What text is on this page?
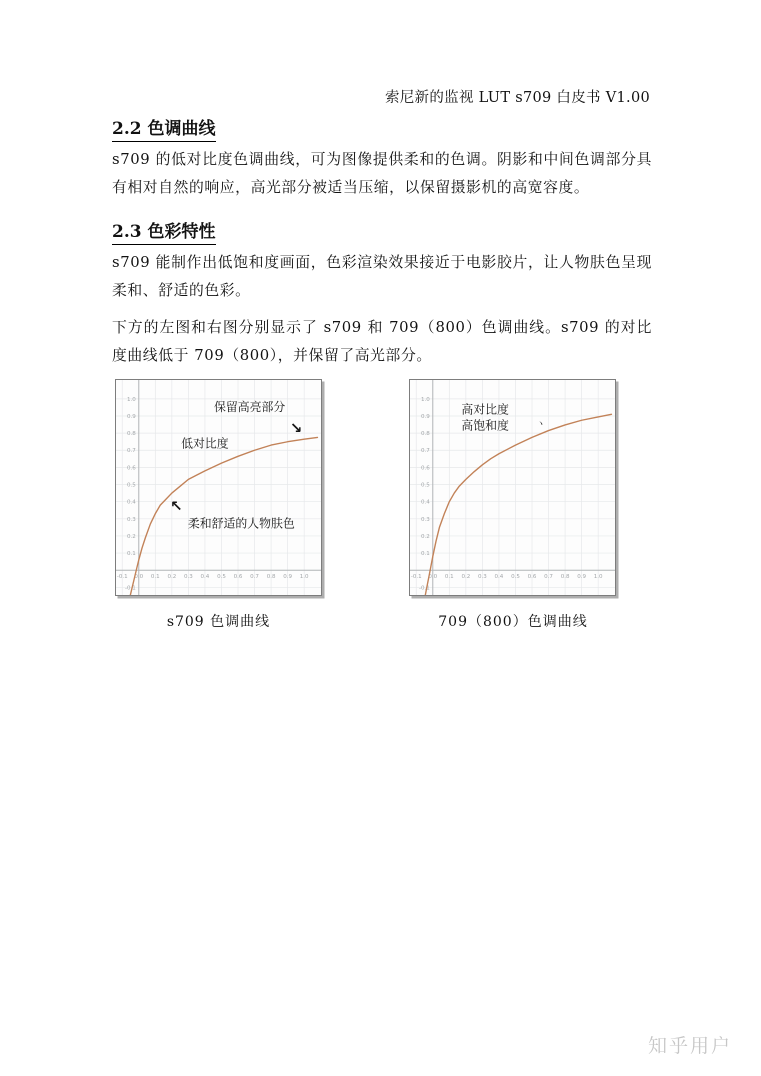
索尼新的监视 LUT s709 白皮书 V1.00
2.2 色调曲线
s709 的低对比度色调曲线，可为图像提供柔和的色调。阴影和中间色调部分具有相对自然的响应，高光部分被适当压缩，以保留摄影机的高宽容度。
2.3 色彩特性
s709 能制作出低饱和度画面，色彩渲染效果接近于电影胶片，让人物肤色呈现柔和、舒适的色彩。
下方的左图和右图分别显示了 s709 和 709（800）色调曲线。s709 的对比度曲线低于 709（800），并保留了高光部分。
-0.1 0.0 0.1 0.2 0.3 0.4 0.5 0.6 0.7 0.8 0.9 1.0
1.0
0.9
0.8
0.7
0.6
0.5
0.4
0.3
0.2
0.1
-0.1
保留高亮部分
↘
低对比度
↖
柔和舒适的人物肤色
-0.1 0.0 0.1 0.2 0.3 0.4 0.5 0.6 0.7 0.8 0.9 1.0
1.0
0.9
0.8
0.7
0.6
0.5
0.4
0.3
0.2
0.1
-0.1
高对比度
高饱和度	ヽ
s709 色调曲线	709（800）色调曲线
知乎用户
